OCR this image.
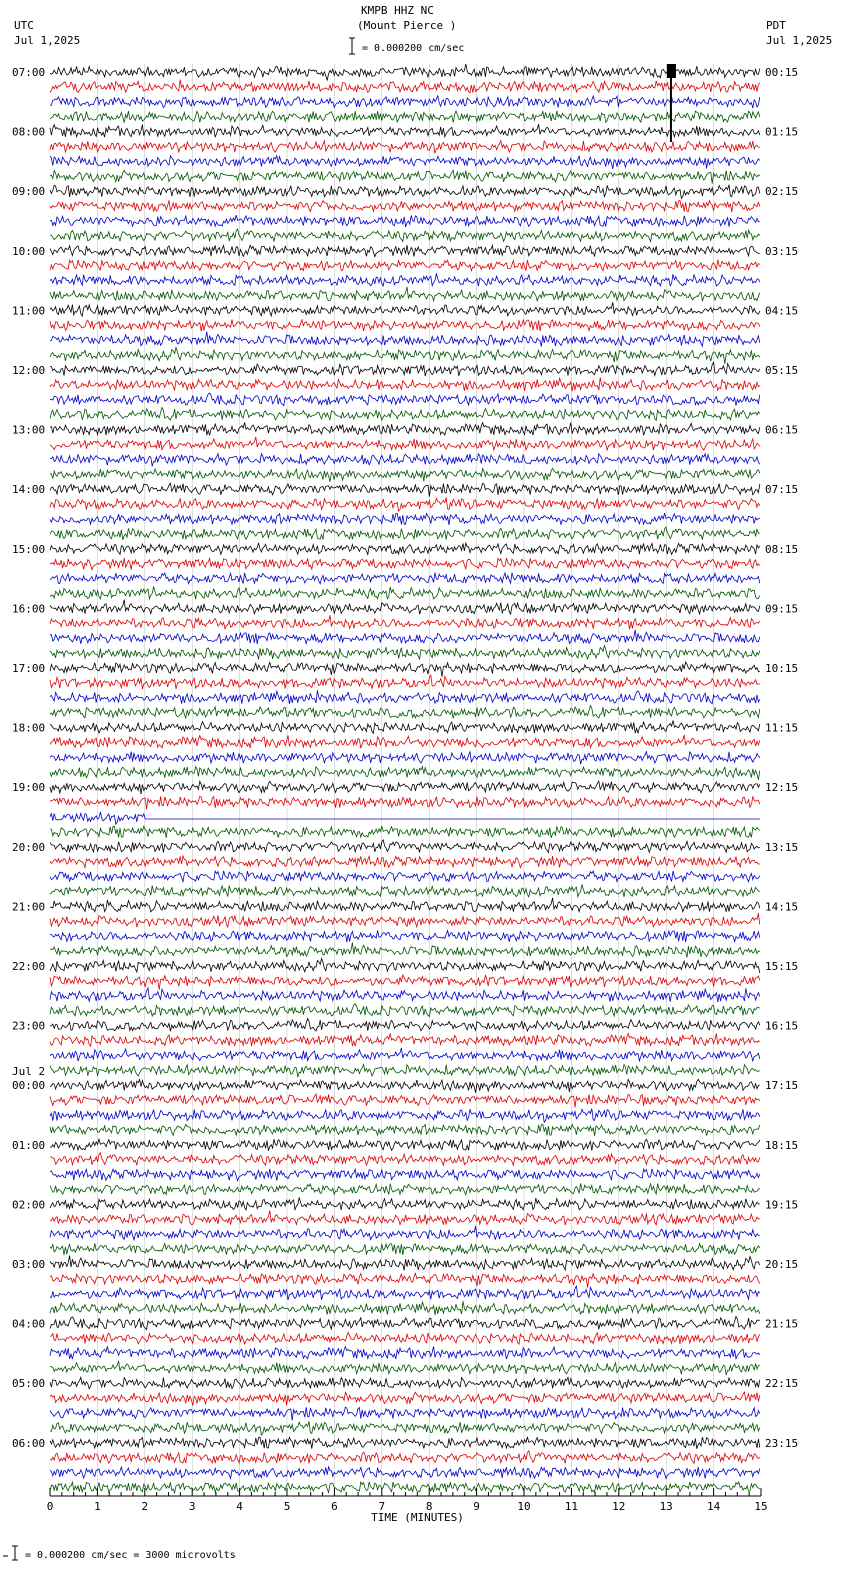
KMPB HHZ NC
(Mount Pierce )
= 0.000200 cm/sec
UTC
Jul 1,2025
PDT
Jul 1,2025
= 0.000200 cm/sec = 3000 microvolts
07:00	00:15
08:00	01:15
09:00	02:15
10:00	03:15
11:00	04:15
12:00	05:15
13:00	06:15
14:00	07:15
15:00	08:15
16:00	09:15
17:00	10:15
18:00	11:15
19:00	12:15
20:00	13:15
21:00	14:15
22:00	15:15
23:00	16:15
00:00	17:15
01:00	18:15
02:00	19:15
03:00	20:15
04:00	21:15
05:00	22:15
06:00	23:15
Jul 2
0	1	2	3	4	5	6	7	8	9	10	11	12	13	14	15
TIME (MINUTES)
